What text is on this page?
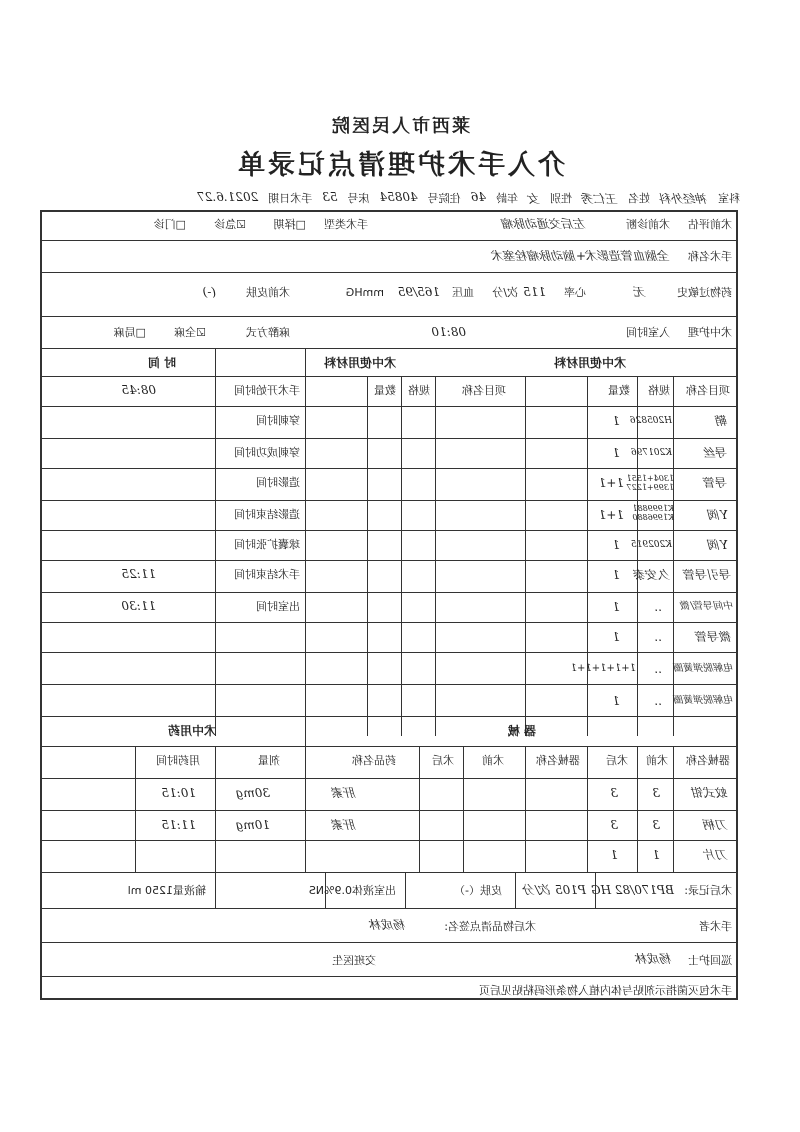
莱西市人民医院
介入手术护理清点记录单
科室
神经外科
姓名
王仁秀
性别
女
年龄
46
住院号
40854
床号
53
手术日期
2021.6.27
术前评估
术前诊断
左后交通动脉瘤
手术类型
□择期
☑急诊
□门诊
手术名称
全脑血管造影术+脑动脉瘤栓塞术
药物过敏史
无
心率
115
次/分
血压
165/95
mmHG
术前皮肤
(-)
术中护理
入室时间
08:10
麻醉方式
☑全麻
□局麻
术中使用材料
术中使用材料
时 间
项目名称
规格
数量
项目名称
规格
数量
鞘
H205826
1
导丝
K201796
1
导管
1304+1551 1399+1227
1+1
Y阀
K1999881 K1996880
1+1
Y阀
K202915
1
导引导管
久安泰
1
中间导管/微
..
1
微导管
..
1
电解脱弹簧圈
..
1+1+1+1+1
电解脱弹簧圈
..
1
手术开始时间
08:45
穿刺时间
穿刺成功时间
造影时间
造影结束时间
球囊扩张时间
手术结束时间
11:25
出室时间
11:30
器 械
术中用药
器械名称
术前
术后
器械名称
术前
术后
药品名称
剂量
用药时间
蚊式钳
3
3
刀柄
3
3
刀片
1
1
肝素
30mg
10:15
肝素
10mg
11:15
术后记录:
BP170/82 HG
P105 次/分
皮肤（-）
出室液体0.9%NS
输液量1250 ml
手术者
术后物品清点签名:
杨成林
巡回护士
杨成林
交班医生
手术包灭菌指示剂贴与体内植入物条形码粘贴见后页
